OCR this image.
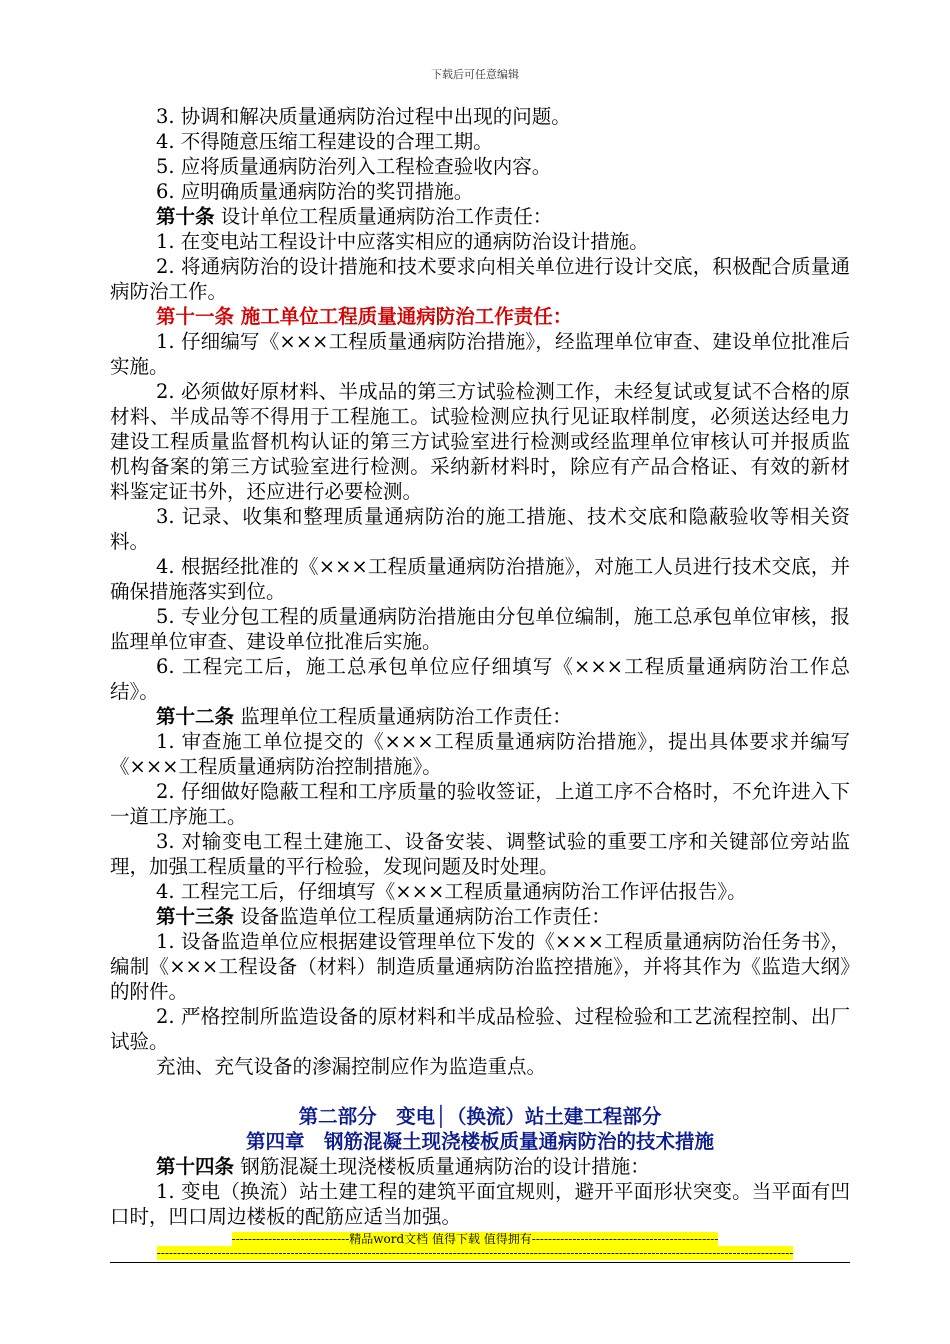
下载后可任意编辑

3. 协调和解决质量通病防治过程中出现的问题。

4. 不得随意压缩工程建设的合理工期。

5. 应将质量通病防治列入工程检查验收内容。

6. 应明确质量通病防治的奖罚措施。

第十条 设计单位工程质量通病防治工作责任：

1. 在变电站工程设计中应落实相应的通病防治设计措施。

2. 将通病防治的设计措施和技术要求向相关单位进行设计交底，积极配合质量通病防治工作。

第十一条 施工单位工程质量通病防治工作责任：

1. 仔细编写《×××工程质量通病防治措施》，经监理单位审查、建设单位批准后实施。

2. 必须做好原材料、半成品的第三方试验检测工作，未经复试或复试不合格的原材料、半成品等不得用于工程施工。试验检测应执行见证取样制度，必须送达经电力建设工程质量监督机构认证的第三方试验室进行检测或经监理单位审核认可并报质监机构备案的第三方试验室进行检测。采纳新材料时，除应有产品合格证、有效的新材料鉴定证书外，还应进行必要检测。

3. 记录、收集和整理质量通病防治的施工措施、技术交底和隐蔽验收等相关资料。

4. 根据经批准的《×××工程质量通病防治措施》，对施工人员进行技术交底，并确保措施落实到位。

5. 专业分包工程的质量通病防治措施由分包单位编制，施工总承包单位审核，报监理单位审查、建设单位批准后实施。

6. 工程完工后，施工总承包单位应仔细填写《×××工程质量通病防治工作总结》。

第十二条 监理单位工程质量通病防治工作责任：

1. 审查施工单位提交的《×××工程质量通病防治措施》，提出具体要求并编写《×××工程质量通病防治控制措施》。

2. 仔细做好隐蔽工程和工序质量的验收签证，上道工序不合格时，不允许进入下一道工序施工。

3. 对输变电工程土建施工、设备安装、调整试验的重要工序和关键部位旁站监理，加强工程质量的平行检验，发现问题及时处理。

4. 工程完工后，仔细填写《×××工程质量通病防治工作评估报告》。

第十三条 设备监造单位工程质量通病防治工作责任：

1. 设备监造单位应根据建设管理单位下发的《×××工程质量通病防治任务书》，编制《×××工程设备（材料）制造质量通病防治监控措施》，并将其作为《监造大纲》的附件。

2. 严格控制所监造设备的原材料和半成品检验、过程检验和工艺流程控制、出厂试验。

充油、充气设备的渗漏控制应作为监造重点。

第二部分　变电│（换流）站土建工程部分

第四章　钢筋混凝土现浇楼板质量通病防治的技术措施

第十四条 钢筋混凝土现浇楼板质量通病防治的设计措施：

1. 变电（换流）站土建工程的建筑平面宜规则，避开平面形状突变。当平面有凹口时，凹口周边楼板的配筋应适当加强。

-----------------------------精品word文档 值得下载 值得拥有----------------------------------------------
-------------------------------------------------------------------------------------------------------------------------------------------------------------
